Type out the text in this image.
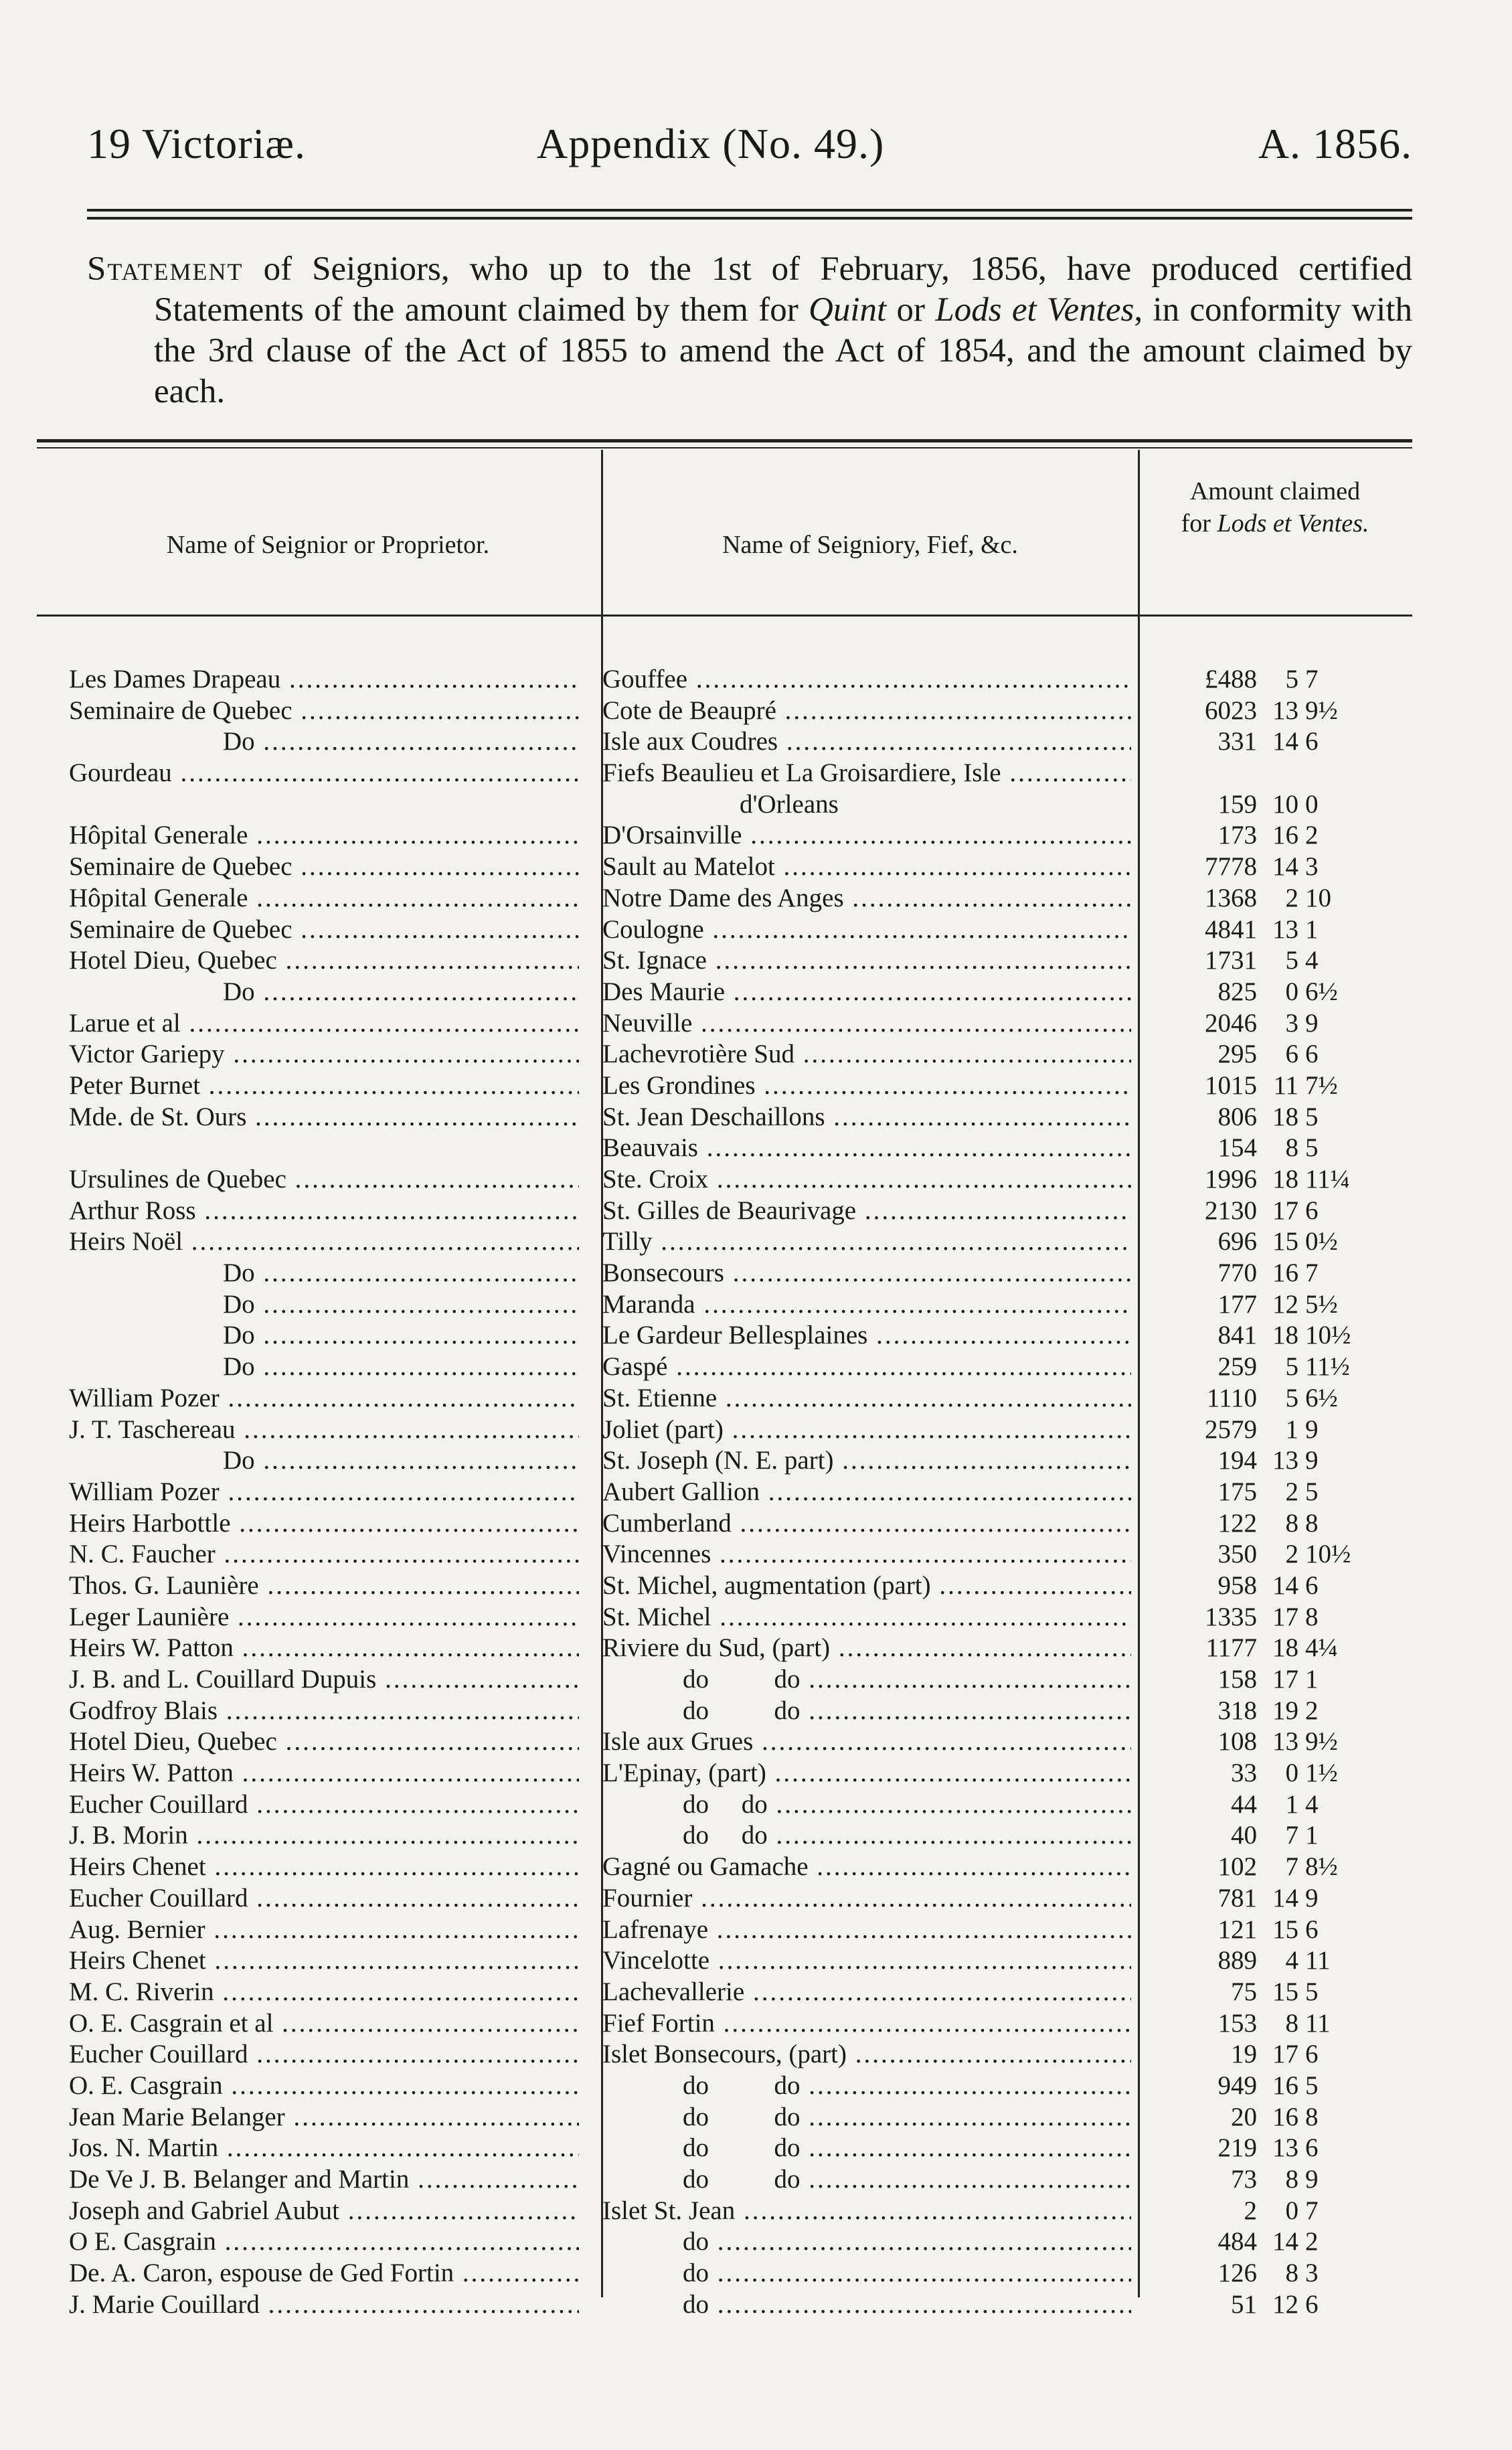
19 Victoriæ.	Appendix (No. 49.)	A. 1856.
Statement of Seigniors, who up to the 1st of February, 1856, have produced certified Statements of the amount claimed by them for Quint or Lods et Ventes, in conformity with the 3rd clause of the Act of 1855 to amend the Act of 1854, and the amount claimed by each.
Name of Seignior or Proprietor.	Name of Seigniory, Fief, &c.
Amount claimed
for Lods et Ventes.
Les Dames Drapeau .....	Gouffee .....	£488	5 7
Seminaire de Quebec .....	Cote de Beaupré .....	6023 13 9½
Do .....	Isle aux Coudres .....	331 14 6
Gourdeau .....	Fiefs Beaulieu et La Groisardiere, Isle .....
d'Orleans	159 10 0
Hôpital Generale .....	D'Orsainville .....	173 16 2
Seminaire de Quebec .....	Sault au Matelot .....	7778 14 3
Hôpital Generale .....	Notre Dame des Anges .....	1368	2 10
Seminaire de Quebec .....	Coulogne .....	4841 13 1
Hotel Dieu, Quebec .....	St. Ignace .....	1731	5 4
Do .....	Des Maurie .....	825	0 6½
Larue et al .....	Neuville .....	2046	3 9
Victor Gariepy .....	Lachevrotière Sud .....	295	6 6
Peter Burnet .....	Les Grondines .....	1015 11 7½
Mde. de St. Ours .....	St. Jean Deschaillons .....	806 18 5
Beauvais .....	154	8 5
Ursulines de Quebec .....	Ste. Croix .....	1996 18 11¼
Arthur Ross .....	St. Gilles de Beaurivage .....	2130 17 6
Heirs Noël .....	Tilly .....	696 15 0½
Do .....	Bonsecours .....	770 16 7
Do .....	Maranda .....	177 12 5½
Do .....	Le Gardeur Bellesplaines .....	841 18 10½
Do .....	Gaspé .....	259	5 11½
William Pozer .....	St. Etienne .....	1110	5 6½
J. T. Taschereau .....	Joliet (part) .....	2579	1 9
Do .....	St. Joseph (N. E. part) .....	194 13 9
William Pozer .....	Aubert Gallion .....	175	2 5
Heirs Harbottle .....	Cumberland .....	122	8 8
N. C. Faucher .....	Vincennes .....	350	2 10½
Thos. G. Launière .....	St. Michel, augmentation (part) .....	958 14 6
Leger Launière .....	St. Michel .....	1335 17 8
Heirs W. Patton .....	Riviere du Sud, (part) .....	1177 18 4¼
J. B. and L. Couillard Dupuis .....	do          do .....	158 17 1
Godfroy Blais .....	do          do .....	318 19 2
Hotel Dieu, Quebec .....	Isle aux Grues .....	108 13 9½
Heirs W. Patton .....	L'Epinay, (part) .....	33	0 1½
Eucher Couillard .....	do     do .....	44	1 4
J. B. Morin .....	do     do .....	40	7 1
Heirs Chenet .....	Gagné ou Gamache .....	102	7 8½
Eucher Couillard .....	Fournier .....	781 14 9
Aug. Bernier .....	Lafrenaye .....	121 15 6
Heirs Chenet .....	Vincelotte .....	889	4 11
M. C. Riverin .....	Lachevallerie .....	75 15 5
O. E. Casgrain et al .....	Fief Fortin .....	153	8 11
Eucher Couillard .....	Islet Bonsecours, (part) .....	19 17 6
O. E. Casgrain .....	do          do .....	949 16 5
Jean Marie Belanger .....	do          do .....	20 16 8
Jos. N. Martin .....	do          do .....	219 13 6
De Ve J. B. Belanger and Martin .....	do          do .....	73	8 9
Joseph and Gabriel Aubut .....	Islet St. Jean .....	2	0 7
O E. Casgrain .....	do .....	484 14 2
De. A. Caron, espouse de Ged Fortin .....	do .....	126	8 3
J. Marie Couillard .....	do .....	51 12 6
